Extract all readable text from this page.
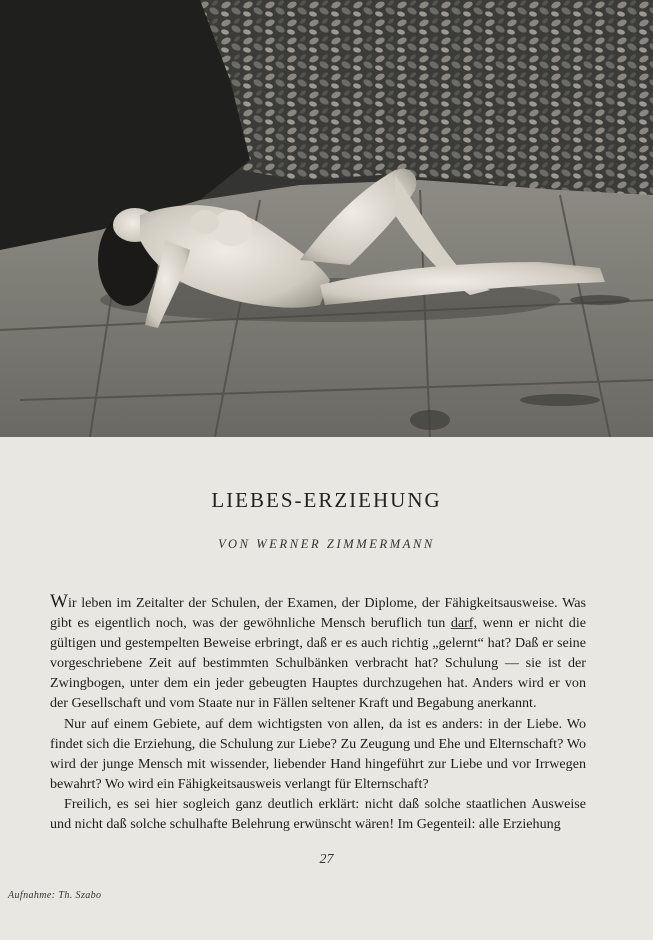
LIEBES-ERZIEHUNG
VON WERNER ZIMMERMANN

Wir leben im Zeitalter der Schulen, der Examen, der Diplome, der Fähigkeitsausweise. Was gibt es eigentlich noch, was der gewöhnliche Mensch beruflich tun darf, wenn er nicht die gültigen und gestempelten Beweise erbringt, daß er es auch richtig „gelernt“ hat? Daß er seine vorgeschriebene Zeit auf bestimmten Schulbänken verbracht hat? Schulung — sie ist der Zwingbogen, unter dem ein jeder gebeugten Hauptes durchzugehen hat. Anders wird er von der Gesellschaft und vom Staate nur in Fällen seltener Kraft und Begabung anerkannt.

Nur auf einem Gebiete, auf dem wichtigsten von allen, da ist es anders: in der Liebe. Wo findet sich die Erziehung, die Schulung zur Liebe? Zu Zeugung und Ehe und Elternschaft? Wo wird der junge Mensch mit wissender, liebender Hand hingeführt zur Liebe und vor Irrwegen bewahrt? Wo wird ein Fähigkeitsausweis verlangt für Elternschaft?

Freilich, es sei hier sogleich ganz deutlich erklärt: nicht daß solche staatlichen Ausweise und nicht daß solche schulhafte Belehrung erwünscht wären! Im Gegenteil: alle Erziehung

27
Aufnahme: Th. Szabo
